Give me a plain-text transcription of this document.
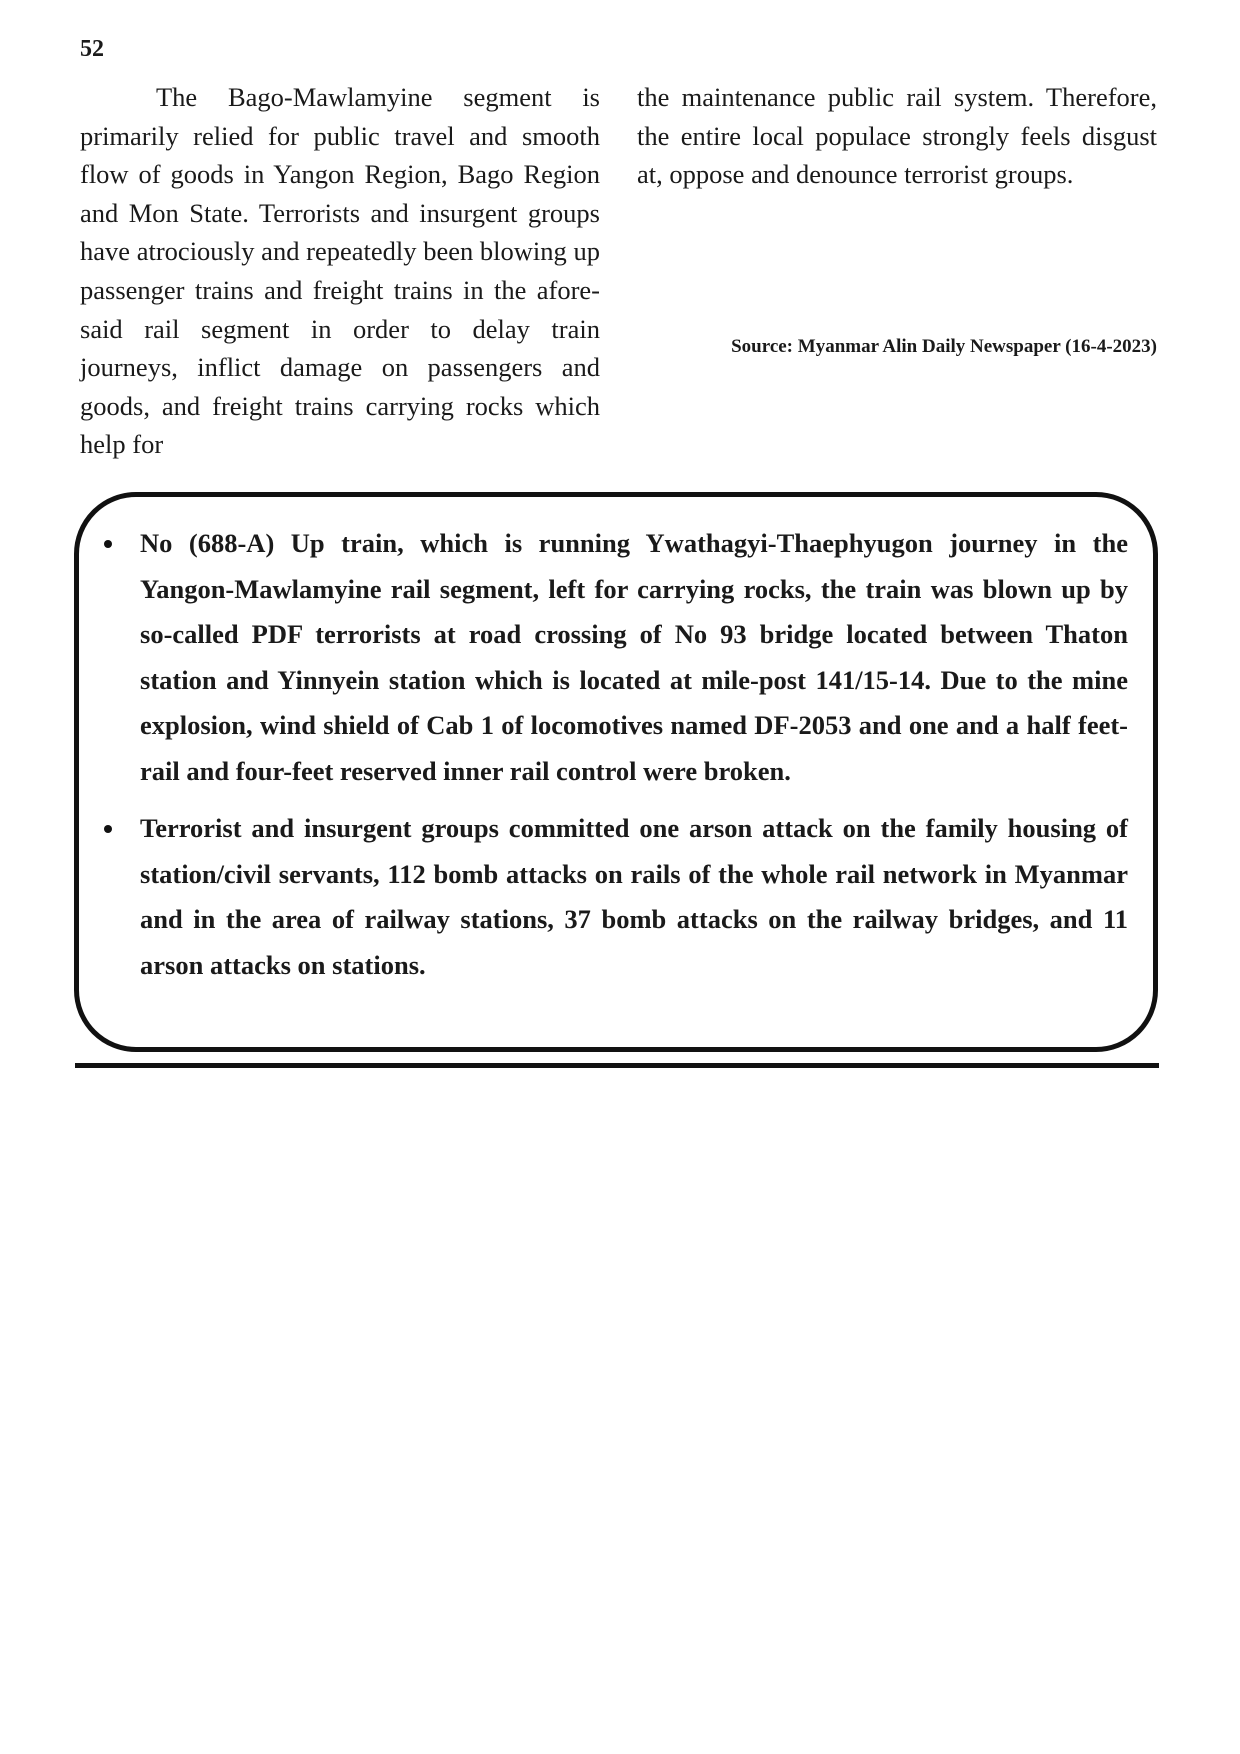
52

The Bago-Mawlamyine segment is primarily relied for public travel and smooth flow of goods in Yangon Region, Bago Region and Mon State. Terrorists and insurgent groups have atrociously and repeatedly been blowing up passenger trains and freight trains in the afore-said rail segment in order to delay train journeys, inflict damage on passengers and goods, and freight trains carrying rocks which help for

the maintenance public rail system. Therefore, the entire local populace strongly feels disgust at, oppose and denounce terrorist groups.

Source: Myanmar Alin Daily Newspaper (16-4-2023)
No (688-A) Up train, which is running Ywathagyi-Thaephyugon journey in the Yangon-Mawlamyine rail segment, left for carrying rocks, the train was blown up by so-called PDF terrorists at road crossing of No 93 bridge located between Thaton station and Yinnyein station which is located at mile-post 141/15-14. Due to the mine explosion, wind shield of Cab 1 of locomotives named DF-2053 and one and a half feet-rail and four-feet reserved inner rail control were broken.
Terrorist and insurgent groups committed one arson attack on the family housing of station/civil servants, 112 bomb attacks on rails of the whole rail network in Myanmar and in the area of railway stations, 37 bomb attacks on the railway bridges, and 11 arson attacks on stations.
